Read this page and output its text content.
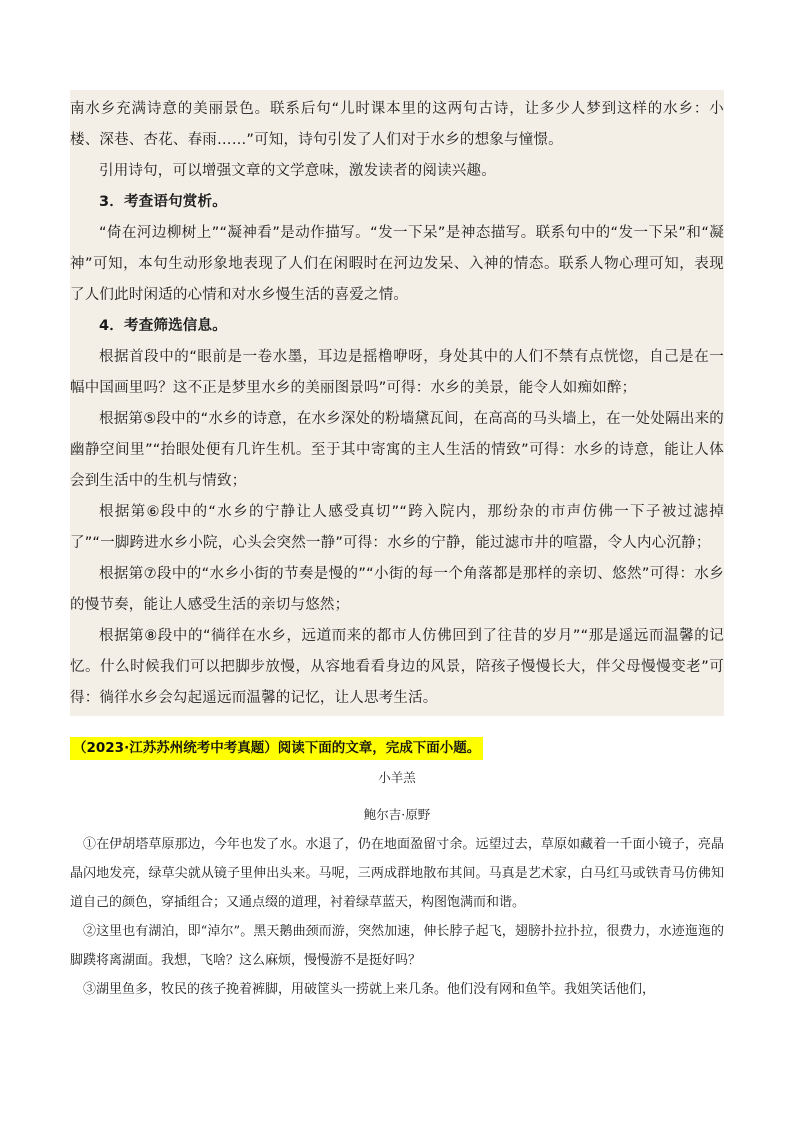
南水乡充满诗意的美丽景色。联系后句“儿时课本里的这两句古诗，让多少人梦到这样的水乡：小楼、深巷、杏花、春雨……”可知，诗句引发了人们对于水乡的想象与憧憬。

引用诗句，可以增强文章的文学意味，激发读者的阅读兴趣。

3．考查语句赏析。

“倚在河边柳树上”“凝神看”是动作描写。“发一下呆”是神态描写。联系句中的“发一下呆”和“凝神”可知，本句生动形象地表现了人们在闲暇时在河边发呆、入神的情态。联系人物心理可知，表现了人们此时闲适的心情和对水乡慢生活的喜爱之情。

4．考查筛选信息。

根据首段中的“眼前是一卷水墨，耳边是摇橹咿呀，身处其中的人们不禁有点恍惚，自己是在一幅中国画里吗？这不正是梦里水乡的美丽图景吗”可得：水乡的美景，能令人如痴如醉；

根据第⑤段中的“水乡的诗意，在水乡深处的粉墙黛瓦间，在高高的马头墙上，在一处处隔出来的幽静空间里”“抬眼处便有几许生机。至于其中寄寓的主人生活的情致”可得：水乡的诗意，能让人体会到生活中的生机与情致；

根据第⑥段中的“水乡的宁静让人感受真切”“跨入院内，那纷杂的市声仿佛一下子被过滤掉了”“一脚跨进水乡小院，心头会突然一静”可得：水乡的宁静，能过滤市井的喧嚣，令人内心沉静；

根据第⑦段中的“水乡小街的节奏是慢的”“小街的每一个角落都是那样的亲切、悠然”可得：水乡的慢节奏，能让人感受生活的亲切与悠然；

根据第⑧段中的“徜徉在水乡，远道而来的都市人仿佛回到了往昔的岁月”“那是遥远而温馨的记忆。什么时候我们可以把脚步放慢，从容地看看身边的风景，陪孩子慢慢长大，伴父母慢慢变老”可得：徜徉水乡会勾起遥远而温馨的记忆，让人思考生活。

（2023·江苏苏州统考中考真题）阅读下面的文章，完成下面小题。
小羊羔
鲍尔吉·原野

①在伊胡塔草原那边，今年也发了水。水退了，仍在地面盈留寸余。远望过去，草原如藏着一千面小镜子，亮晶晶闪地发亮，绿草尖就从镜子里伸出头来。马呢，三两成群地散布其间。马真是艺术家，白马红马或铁青马仿佛知道自己的颜色，穿插组合；又通点缀的道理，衬着绿草蓝天，构图饱满而和谐。

②这里也有湖泊，即“淖尔”。黑天鹅曲颈而游，突然加速，伸长脖子起飞，翅膀扑拉扑拉，很费力，水迹迤迤的脚蹼将离湖面。我想，飞啥？这么麻烦，慢慢游不是挺好吗？

③湖里鱼多，牧民的孩子挽着裤脚，用破筐头一捞就上来几条。他们没有网和鱼竿。我姐笑话他们，
